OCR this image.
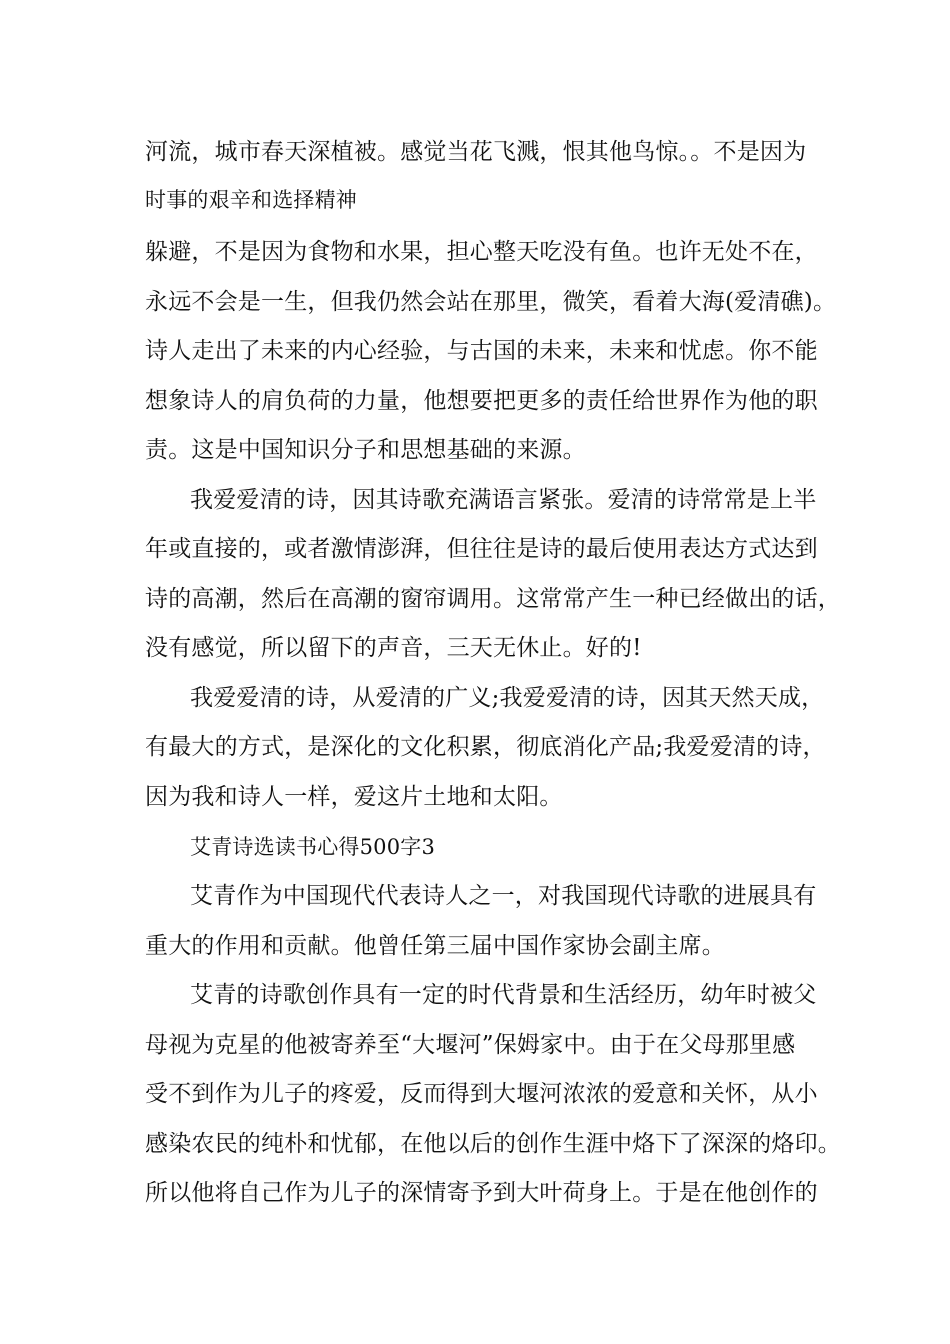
河流，城市春天深植被。感觉当花飞溅，恨其他鸟惊。。不是因为
时事的艰辛和选择精神
躲避，不是因为食物和水果，担心整天吃没有鱼。也许无处不在，
永远不会是一生，但我仍然会站在那里，微笑，看着大海(爱清礁)。
诗人走出了未来的内心经验，与古国的未来，未来和忧虑。你不能
想象诗人的肩负荷的力量，他想要把更多的责任给世界作为他的职
责。这是中国知识分子和思想基础的来源。
我爱爱清的诗，因其诗歌充满语言紧张。爱清的诗常常是上半
年或直接的，或者激情澎湃，但往往是诗的最后使用表达方式达到
诗的高潮，然后在高潮的窗帘调用。这常常产生一种已经做出的话，
没有感觉，所以留下的声音，三天无休止。好的!
我爱爱清的诗，从爱清的广义;我爱爱清的诗，因其天然天成，
有最大的方式，是深化的文化积累，彻底消化产品;我爱爱清的诗，
因为我和诗人一样，爱这片土地和太阳。
艾青诗选读书心得500字3
艾青作为中国现代代表诗人之一，对我国现代诗歌的进展具有
重大的作用和贡献。他曾任第三届中国作家协会副主席。
艾青的诗歌创作具有一定的时代背景和生活经历，幼年时被父
母视为克星的他被寄养至“大堰河”保姆家中。由于在父母那里感
受不到作为儿子的疼爱，反而得到大堰河浓浓的爱意和关怀，从小
感染农民的纯朴和忧郁，在他以后的创作生涯中烙下了深深的烙印。
所以他将自己作为儿子的深情寄予到大叶荷身上。于是在他创作的
